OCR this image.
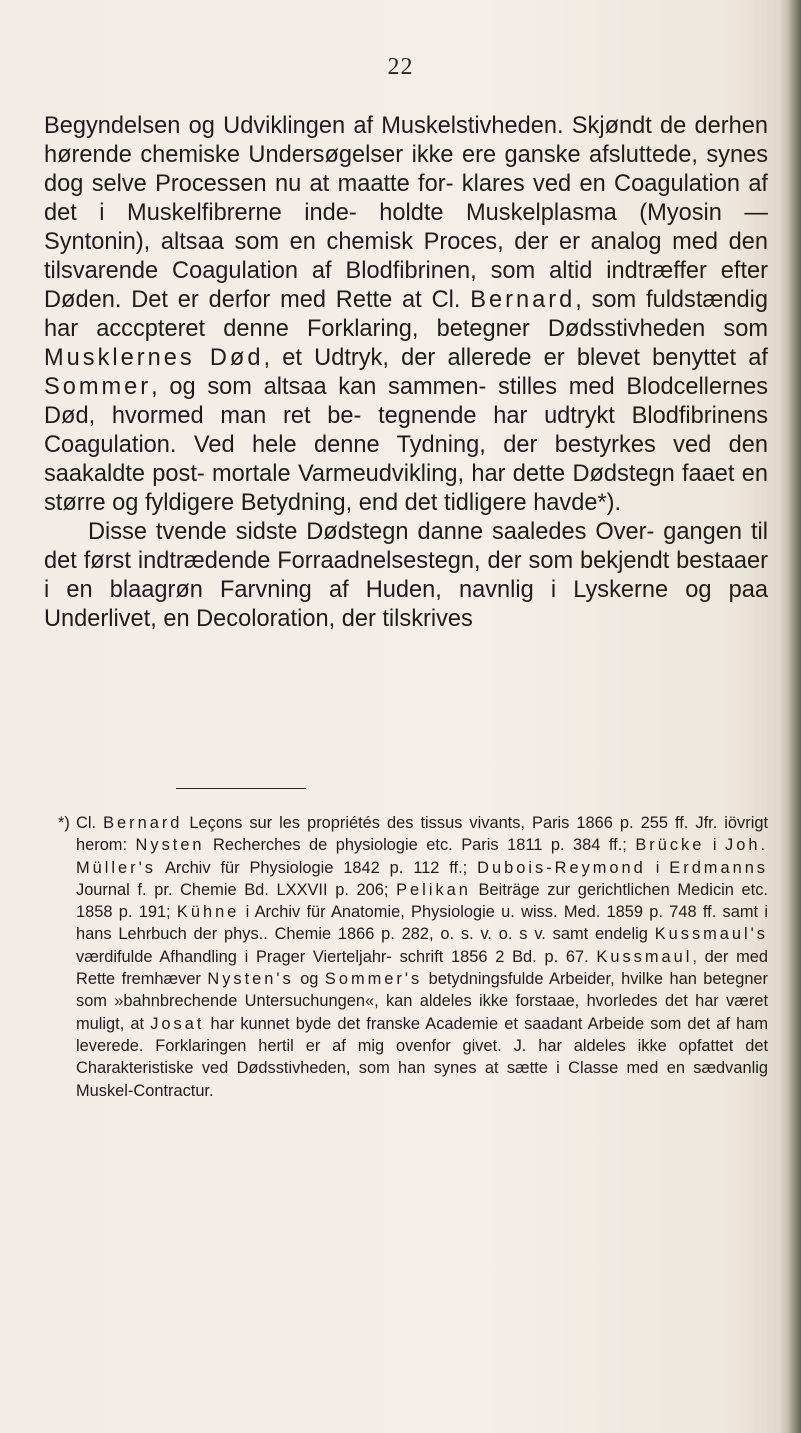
22

Begyndelsen og Udviklingen af Muskelstivheden. Skjøndt de derhen hørende chemiske Undersøgelser ikke ere ganske afsluttede, synes dog selve Processen nu at maatte for- klares ved en Coagulation af det i Muskelfibrerne inde- holdte Muskelplasma (Myosin — Syntonin), altsaa som en chemisk Proces, der er analog med den tilsvarende Coagulation af Blodfibrinen, som altid indtræffer efter Døden. Det er derfor med Rette at Cl. Bernard, som fuldstændig har acccpteret denne Forklaring, betegner Dødsstivheden som Musklernes Død, et Udtryk, der allerede er blevet benyttet af Sommer, og som altsaa kan sammen- stilles med Blodcellernes Død, hvormed man ret be- tegnende har udtrykt Blodfibrinens Coagulation. Ved hele denne Tydning, der bestyrkes ved den saakaldte post- mortale Varmeudvikling, har dette Dødstegn faaet en større og fyldigere Betydning, end det tidligere havde*).

Disse tvende sidste Dødstegn danne saaledes Over- gangen til det først indtrædende Forraadnelsestegn, der som bekjendt bestaaer i en blaagrøn Farvning af Huden, navnlig i Lyskerne og paa Underlivet, en Decoloration, der tilskrives

*) Cl. Bernard Leçons sur les propriétés des tissus vivants, Paris 1866 p. 255 ff. Jfr. iövrigt herom: Nysten Recherches de physiologie etc. Paris 1811 p. 384 ff.; Brücke i Joh. Müller's Archiv für Physiologie 1842 p. 112 ff.; Dubois-Reymond i Erdmanns Journal f. pr. Chemie Bd. LXXVII p. 206; Pelikan Beiträge zur gerichtlichen Medicin etc. 1858 p. 191; Kühne i Archiv für Anatomie, Physiologie u. wiss. Med. 1859 p. 748 ff. samt i hans Lehrbuch der phys.. Chemie 1866 p. 282, o. s. v. o. s v. samt endelig Kussmaul's værdifulde Afhandling i Prager Vierteljahr- schrift 1856 2 Bd. p. 67. Kussmaul, der med Rette fremhæver Nysten's og Sommer's betydningsfulde Arbeider, hvilke han betegner som »bahnbrechende Untersuchungen«, kan aldeles ikke forstaae, hvorledes det har været muligt, at Josat har kunnet byde det franske Academie et saadant Arbeide som det af ham leverede. Forklaringen hertil er af mig ovenfor givet. J. har aldeles ikke opfattet det Charakteristiske ved Dødsstivheden, som han synes at sætte i Classe med en sædvanlig Muskel-Contractur.
